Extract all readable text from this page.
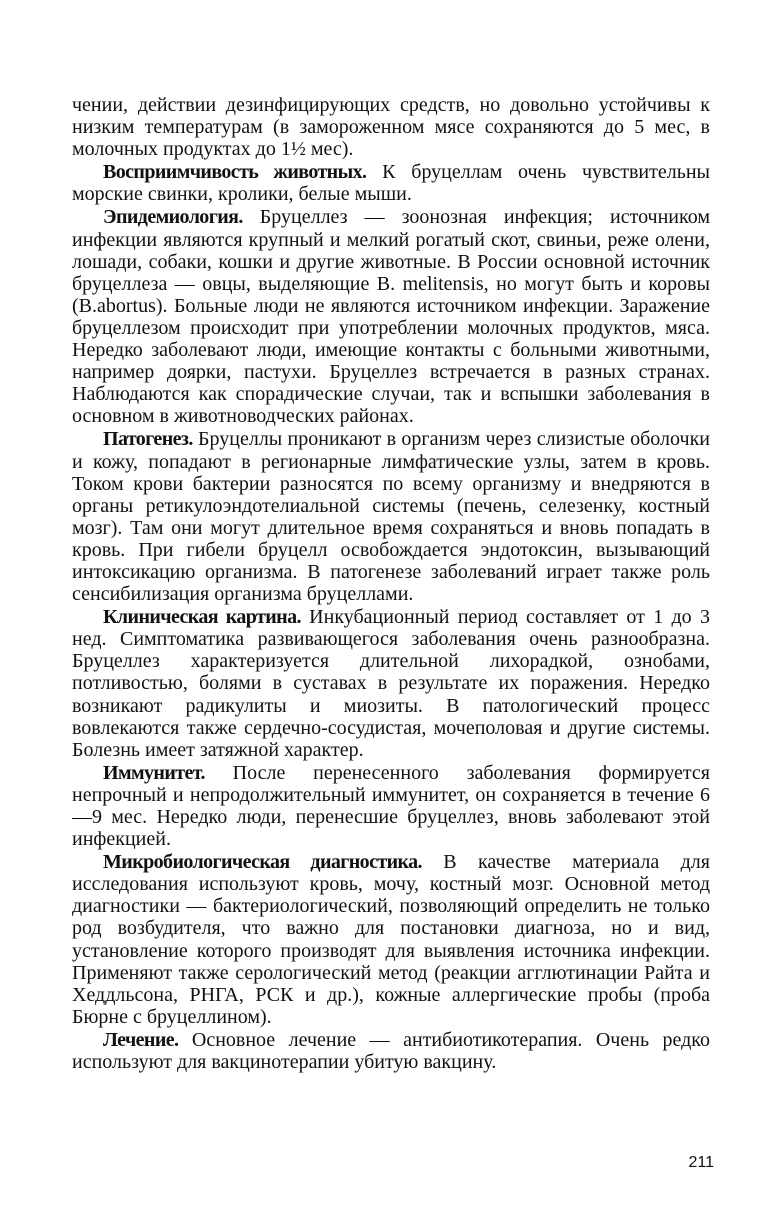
чении, действии дезинфицирующих средств, но довольно устойчивы к низким температурам (в замороженном мясе сохраняются до 5 мес, в молочных продуктах до 1½ мес).

Восприимчивость животных. К бруцеллам очень чувствительны морские свинки, кролики, белые мыши.

Эпидемиология. Бруцеллез — зоонозная инфекция; источником инфекции являются крупный и мелкий рогатый скот, свиньи, реже олени, лошади, собаки, кошки и другие животные. В России основной источник бруцеллеза — овцы, выделяющие B. melitensis, но могут быть и коровы (B.abortus). Больные люди не являются источником инфекции. Заражение бруцеллезом происходит при употреблении молочных продуктов, мяса. Нередко заболевают люди, имеющие контакты с больными животными, например доярки, пастухи. Бруцеллез встречается в разных странах. Наблюдаются как спорадические случаи, так и вспышки заболевания в основном в животноводческих районах.

Патогенез. Бруцеллы проникают в организм через слизистые оболочки и кожу, попадают в регионарные лимфатические узлы, затем в кровь. Током крови бактерии разносятся по всему организму и внедряются в органы ретикулоэндотелиальной системы (печень, селезенку, костный мозг). Там они могут длительное время сохраняться и вновь попадать в кровь. При гибели бруцелл освобождается эндотоксин, вызывающий интоксикацию организма. В патогенезе заболеваний играет также роль сенсибилизация организма бруцеллами.

Клиническая картина. Инкубационный период составляет от 1 до 3 нед. Симптоматика развивающегося заболевания очень разнообразна. Бруцеллез характеризуется длительной лихорадкой, ознобами, потливостью, болями в суставах в результате их поражения. Нередко возникают радикулиты и миозиты. В патологический процесс вовлекаются также сердечно-сосудистая, мочеполовая и другие системы. Болезнь имеет затяжной характер.

Иммунитет. После перенесенного заболевания формируется непрочный и непродолжительный иммунитет, он сохраняется в течение 6—9 мес. Нередко люди, перенесшие бруцеллез, вновь заболевают этой инфекцией.

Микробиологическая диагностика. В качестве материала для исследования используют кровь, мочу, костный мозг. Основной метод диагностики — бактериологический, позволяющий определить не только род возбудителя, что важно для постановки диагноза, но и вид, установление которого производят для выявления источника инфекции. Применяют также серологический метод (реакции агглютинации Райта и Хеддльсона, РНГА, РСК и др.), кожные аллергические пробы (проба Бюрне с бруцеллином).

Лечение. Основное лечение — антибиотикотерапия. Очень редко используют для вакцинотерапии убитую вакцину.

211
